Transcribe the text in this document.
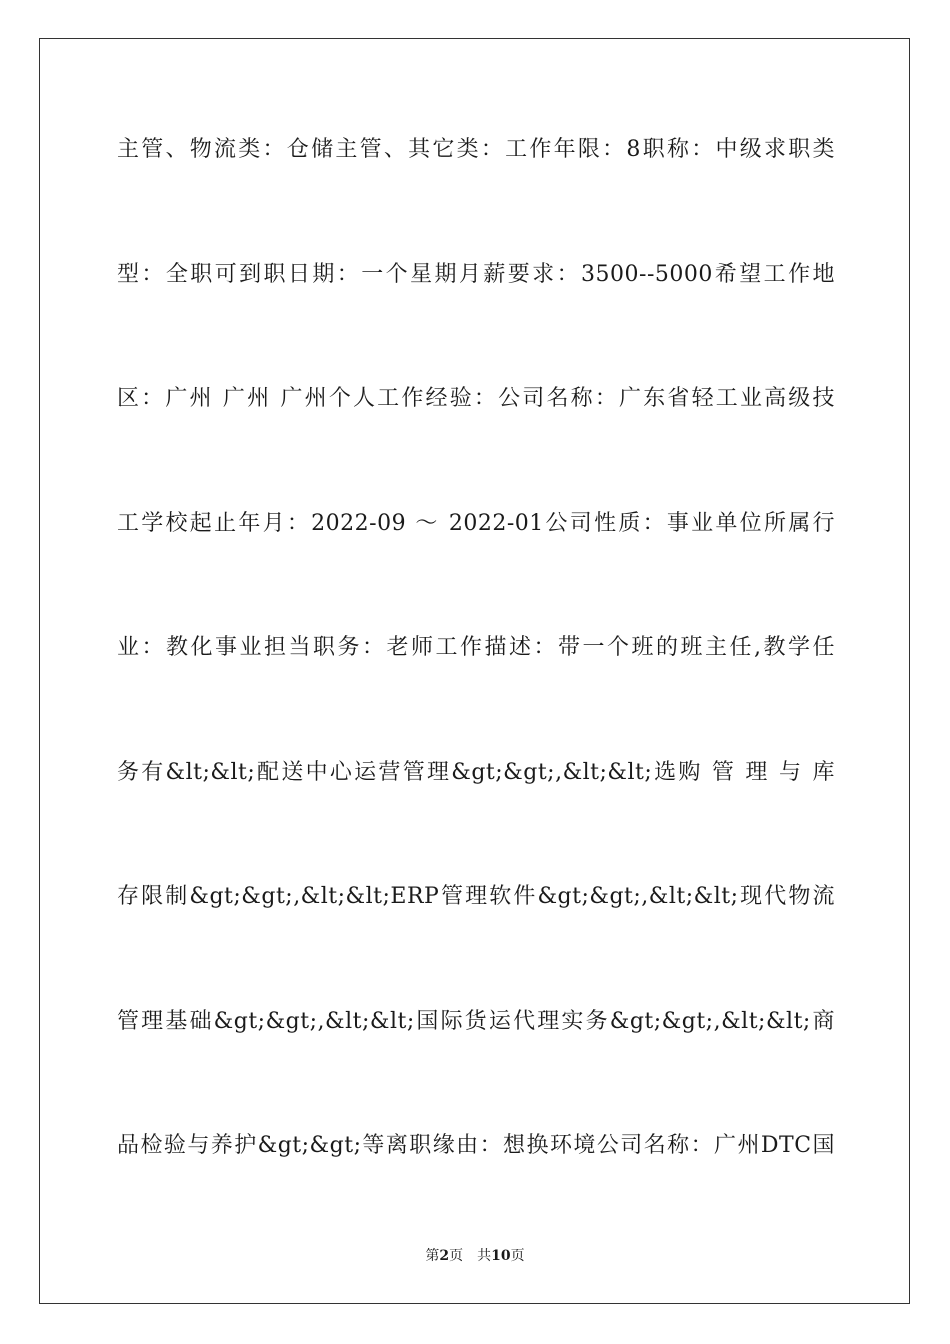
主管、物流类：仓储主管、其它类：工作年限：8职称：中级求职类
型：全职可到职日期：一个星期月薪要求：3500--5000希望工作地
区：广州 广州 广州个人工作经验：公司名称：广东省轻工业高级技
工学校起止年月：2022-09 ～ 2022-01公司性质：事业单位所属行
业：教化事业担当职务：老师工作描述：带一个班的班主任,教学任
务有&lt;&lt;配送中心运营管理&gt;&gt;,&lt;&lt;选购 管 理 与 库
存限制&gt;&gt;,&lt;&lt;ERP管理软件&gt;&gt;,&lt;&lt;现代物流
管理基础&gt;&gt;,&lt;&lt;国际货运代理实务&gt;&gt;,&lt;&lt;商
品检验与养护&gt;&gt;等离职缘由：想换环境公司名称：广州DTC国
第2页 共10页
